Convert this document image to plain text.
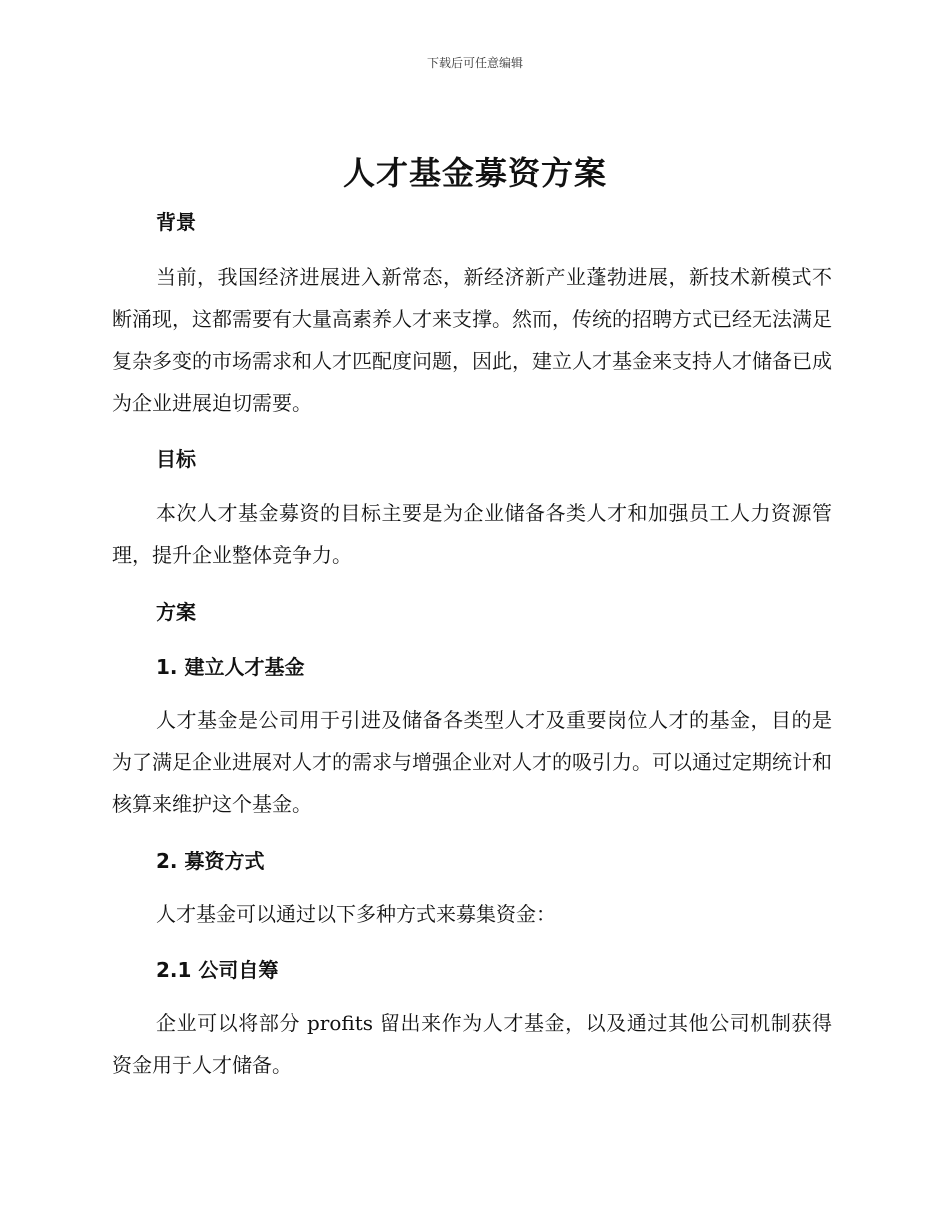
下载后可任意编辑
人才基金募资方案
背景
当前，我国经济进展进入新常态，新经济新产业蓬勃进展，新技术新模式不断涌现，这都需要有大量高素养人才来支撑。然而，传统的招聘方式已经无法满足复杂多变的市场需求和人才匹配度问题，因此，建立人才基金来支持人才储备已成为企业进展迫切需要。
目标
本次人才基金募资的目标主要是为企业储备各类人才和加强员工人力资源管理，提升企业整体竞争力。
方案
1. 建立人才基金
人才基金是公司用于引进及储备各类型人才及重要岗位人才的基金，目的是为了满足企业进展对人才的需求与增强企业对人才的吸引力。可以通过定期统计和核算来维护这个基金。
2. 募资方式
人才基金可以通过以下多种方式来募集资金：
2.1 公司自筹
企业可以将部分 profits 留出来作为人才基金，以及通过其他公司机制获得资金用于人才储备。
